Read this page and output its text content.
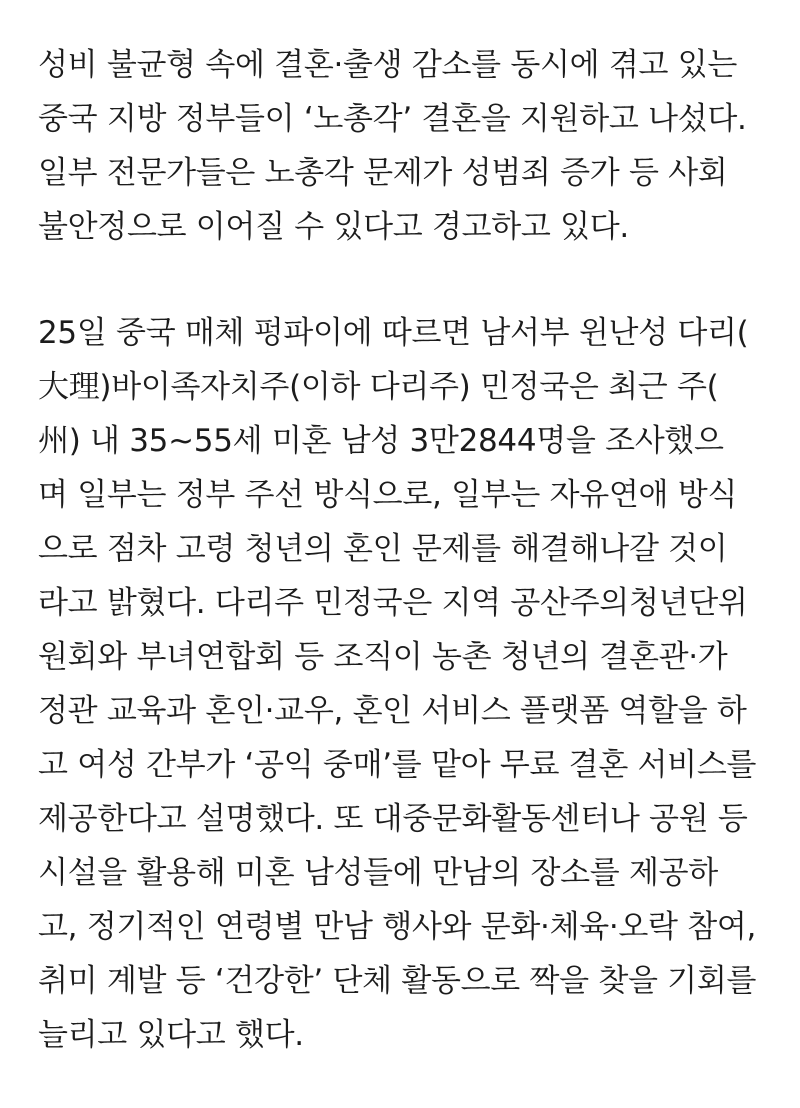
성비 불균형 속에 결혼·출생 감소를 동시에 겪고 있는
중국 지방 정부들이 ‘노총각’ 결혼을 지원하고 나섰다.
일부 전문가들은 노총각 문제가 성범죄 증가 등 사회
불안정으로 이어질 수 있다고 경고하고 있다.

25일 중국 매체 펑파이에 따르면 남서부 윈난성 다리(
大理)바이족자치주(이하 다리주) 민정국은 최근 주(
州) 내 35~55세 미혼 남성 3만2844명을 조사했으
며 일부는 정부 주선 방식으로, 일부는 자유연애 방식
으로 점차 고령 청년의 혼인 문제를 해결해나갈 것이
라고 밝혔다. 다리주 민정국은 지역 공산주의청년단위
원회와 부녀연합회 등 조직이 농촌 청년의 결혼관·가
정관 교육과 혼인·교우, 혼인 서비스 플랫폼 역할을 하
고 여성 간부가 ‘공익 중매’를 맡아 무료 결혼 서비스를
제공한다고 설명했다. 또 대중문화활동센터나 공원 등
시설을 활용해 미혼 남성들에 만남의 장소를 제공하
고, 정기적인 연령별 만남 행사와 문화·체육·오락 참여,
취미 계발 등 ‘건강한’ 단체 활동으로 짝을 찾을 기회를
늘리고 있다고 했다.
